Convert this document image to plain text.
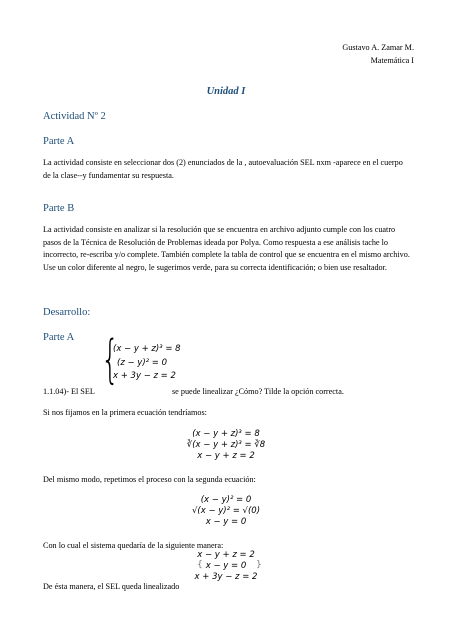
Gustavo A. Zamar M.
Matemática I
Unidad I
Actividad Nº 2
Parte A
La actividad consiste en seleccionar dos (2) enunciados de la , autoevaluación SEL nxm -aparece en el cuerpo de la clase--y fundamentar su respuesta.
Parte B
La actividad consiste en analizar si la resolución que se encuentra en archivo adjunto cumple con los cuatro pasos de la Técnica de Resolución de Problemas ideada por Polya. Como respuesta a ese análisis tache lo incorrecto, re-escriba y/o complete. También complete la tabla de control que se encuentra en el mismo archivo. Use un color diferente al negro, le sugerimos verde, para su correcta identificación; o bien use resaltador.
Desarrollo:
Parte A {
(x − y + z)³ = 8
(z − y)² = 0
x + 3y − z = 2
1.1.04)- El SEL	se puede linealizar ¿Cómo? Tilde la opción correcta.
Si nos fijamos en la primera ecuación tendríamos:
(x − y + z)³ = 8
∛(x − y + z)³ = ∛8
x − y + z = 2
Del mismo modo, repetimos el proceso con la segunda ecuación:
(x − y)² = 0
√(x − y)² = √(0)
x − y = 0
Con lo cual el sistema quedaría de la siguiente manera:
x − y + z = 2
x − y = 0
x + 3y − z = 2
{	}
De ésta manera, el SEL queda linealizado
